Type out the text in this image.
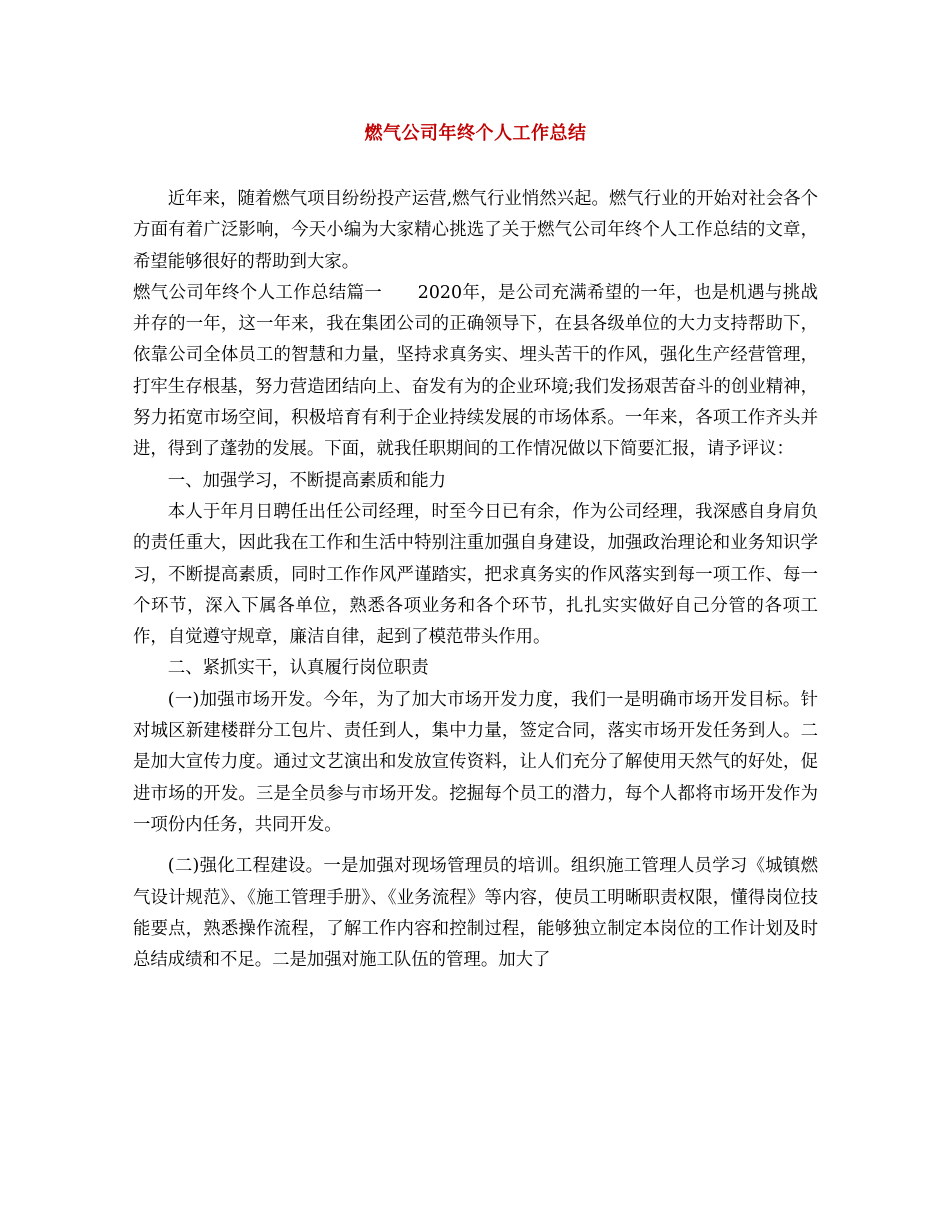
燃气公司年终个人工作总结

近年来，随着燃气项目纷纷投产运营,燃气行业悄然兴起。燃气行业的开始对社会各个方面有着广泛影响，今天小编为大家精心挑选了关于燃气公司年终个人工作总结的文章，希望能够很好的帮助到大家。

燃气公司年终个人工作总结篇一　　2020年，是公司充满希望的一年，也是机遇与挑战并存的一年，这一年来，我在集团公司的正确领导下，在县各级单位的大力支持帮助下，依靠公司全体员工的智慧和力量，坚持求真务实、埋头苦干的作风，强化生产经营管理，打牢生存根基，努力营造团结向上、奋发有为的企业环境;我们发扬艰苦奋斗的创业精神，努力拓宽市场空间，积极培育有利于企业持续发展的市场体系。一年来，各项工作齐头并进，得到了蓬勃的发展。下面，就我任职期间的工作情况做以下简要汇报，请予评议：

一、加强学习，不断提高素质和能力

本人于年月日聘任出任公司经理，时至今日已有余，作为公司经理，我深感自身肩负的责任重大，因此我在工作和生活中特别注重加强自身建设，加强政治理论和业务知识学习，不断提高素质，同时工作作风严谨踏实，把求真务实的作风落实到每一项工作、每一个环节，深入下属各单位，熟悉各项业务和各个环节，扎扎实实做好自己分管的各项工作，自觉遵守规章，廉洁自律，起到了模范带头作用。

二、紧抓实干，认真履行岗位职责

(一)加强市场开发。今年，为了加大市场开发力度，我们一是明确市场开发目标。针对城区新建楼群分工包片、责任到人，集中力量，签定合同，落实市场开发任务到人。二是加大宣传力度。通过文艺演出和发放宣传资料，让人们充分了解使用天然气的好处，促进市场的开发。三是全员参与市场开发。挖掘每个员工的潜力，每个人都将市场开发作为一项份内任务，共同开发。

(二)强化工程建设。一是加强对现场管理员的培训。组织施工管理人员学习《城镇燃气设计规范》、《施工管理手册》、《业务流程》等内容，使员工明晰职责权限，懂得岗位技能要点，熟悉操作流程，了解工作内容和控制过程，能够独立制定本岗位的工作计划及时总结成绩和不足。二是加强对施工队伍的管理。加大了
